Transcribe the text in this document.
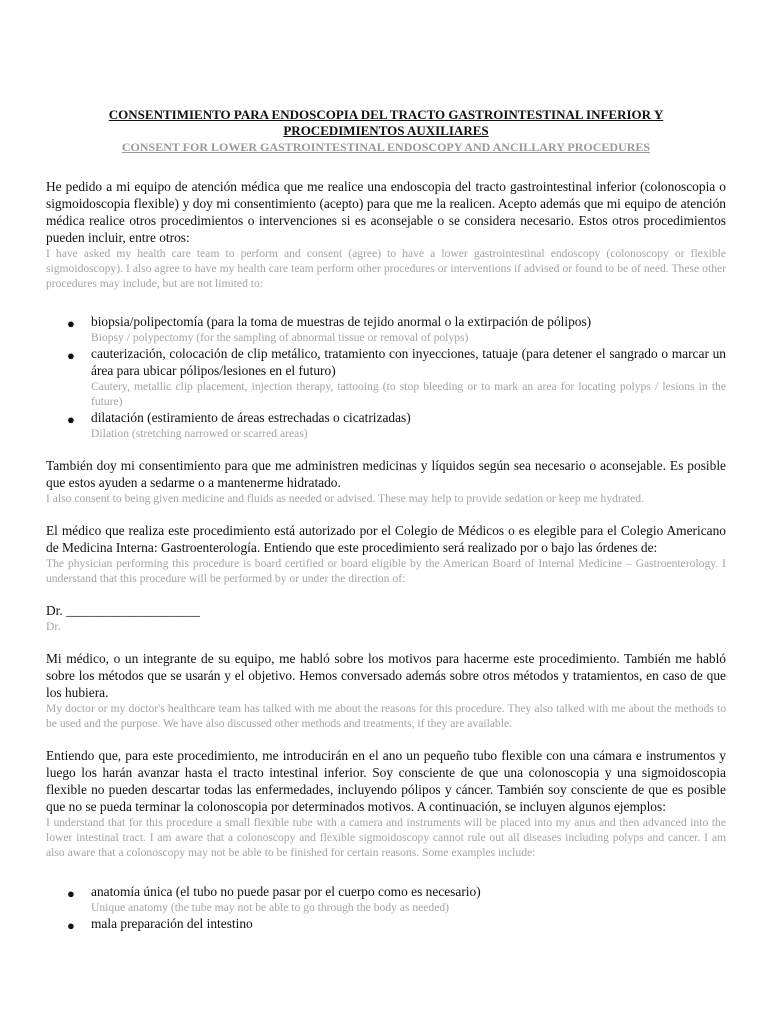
CONSENTIMIENTO PARA ENDOSCOPIA DEL TRACTO GASTROINTESTINAL INFERIOR Y PROCEDIMIENTOS AUXILIARES
CONSENT FOR LOWER GASTROINTESTINAL ENDOSCOPY AND ANCILLARY PROCEDURES
He pedido a mi equipo de atención médica que me realice una endoscopia del tracto gastrointestinal inferior (colonoscopia o sigmoidoscopia flexible) y doy mi consentimiento (acepto) para que me la realicen. Acepto además que mi equipo de atención médica realice otros procedimientos o intervenciones si es aconsejable o se considera necesario. Estos otros procedimientos pueden incluir, entre otros:
I have asked my health care team to perform and consent (agree) to have a lower gastrointestinal endoscopy (colonoscopy or flexible sigmoidoscopy). I also agree to have my health care team perform other procedures or interventions if advised or found to be of need. These other procedures may include, but are not limited to:
● biopsia/polipectomía (para la toma de muestras de tejido anormal o la extirpación de pólipos)
Biopsy / polypectomy (for the sampling of abnormal tissue or removal of polyps)
● cauterización, colocación de clip metálico, tratamiento con inyecciones, tatuaje (para detener el sangrado o marcar un área para ubicar pólipos/lesiones en el futuro)
Cautery, metallic clip placement, injection therapy, tattooing (to stop bleeding or to mark an area for locating polyps / lesions in the future)
● dilatación (estiramiento de áreas estrechadas o cicatrizadas)
Dilation (stretching narrowed or scarred areas)
También doy mi consentimiento para que me administren medicinas y líquidos según sea necesario o aconsejable. Es posible que estos ayuden a sedarme o a mantenerme hidratado.
I also consent to being given medicine and fluids as needed or advised. These may help to provide sedation or keep me hydrated.
El médico que realiza este procedimiento está autorizado por el Colegio de Médicos o es elegible para el Colegio Americano de Medicina Interna: Gastroenterología. Entiendo que este procedimiento será realizado por o bajo las órdenes de:
The physician performing this procedure is board certified or board eligible by the American Board of Internal Medicine – Gastroenterology. I understand that this procedure will be performed by or under the direction of:
Dr. ____________________
Dr.
Mi médico, o un integrante de su equipo, me habló sobre los motivos para hacerme este procedimiento. También me habló sobre los métodos que se usarán y el objetivo. Hemos conversado además sobre otros métodos y tratamientos, en caso de que los hubiera.
My doctor or my doctor's healthcare team has talked with me about the reasons for this procedure. They also talked with me about the methods to be used and the purpose. We have also discussed other methods and treatments, if they are available.
Entiendo que, para este procedimiento, me introducirán en el ano un pequeño tubo flexible con una cámara e instrumentos y luego los harán avanzar hasta el tracto intestinal inferior. Soy consciente de que una colonoscopia y una sigmoidoscopia flexible no pueden descartar todas las enfermedades, incluyendo pólipos y cáncer. También soy consciente de que es posible que no se pueda terminar la colonoscopia por determinados motivos. A continuación, se incluyen algunos ejemplos:
I understand that for this procedure a small flexible tube with a camera and instruments will be placed into my anus and then advanced into the lower intestinal tract. I am aware that a colonoscopy and flexible sigmoidoscopy cannot rule out all diseases including polyps and cancer. I am also aware that a colonoscopy may not be able to be finished for certain reasons. Some examples include:
● anatomía única (el tubo no puede pasar por el cuerpo como es necesario)
Unique anatomy (the tube may not be able to go through the body as needed)
● mala preparación del intestino
